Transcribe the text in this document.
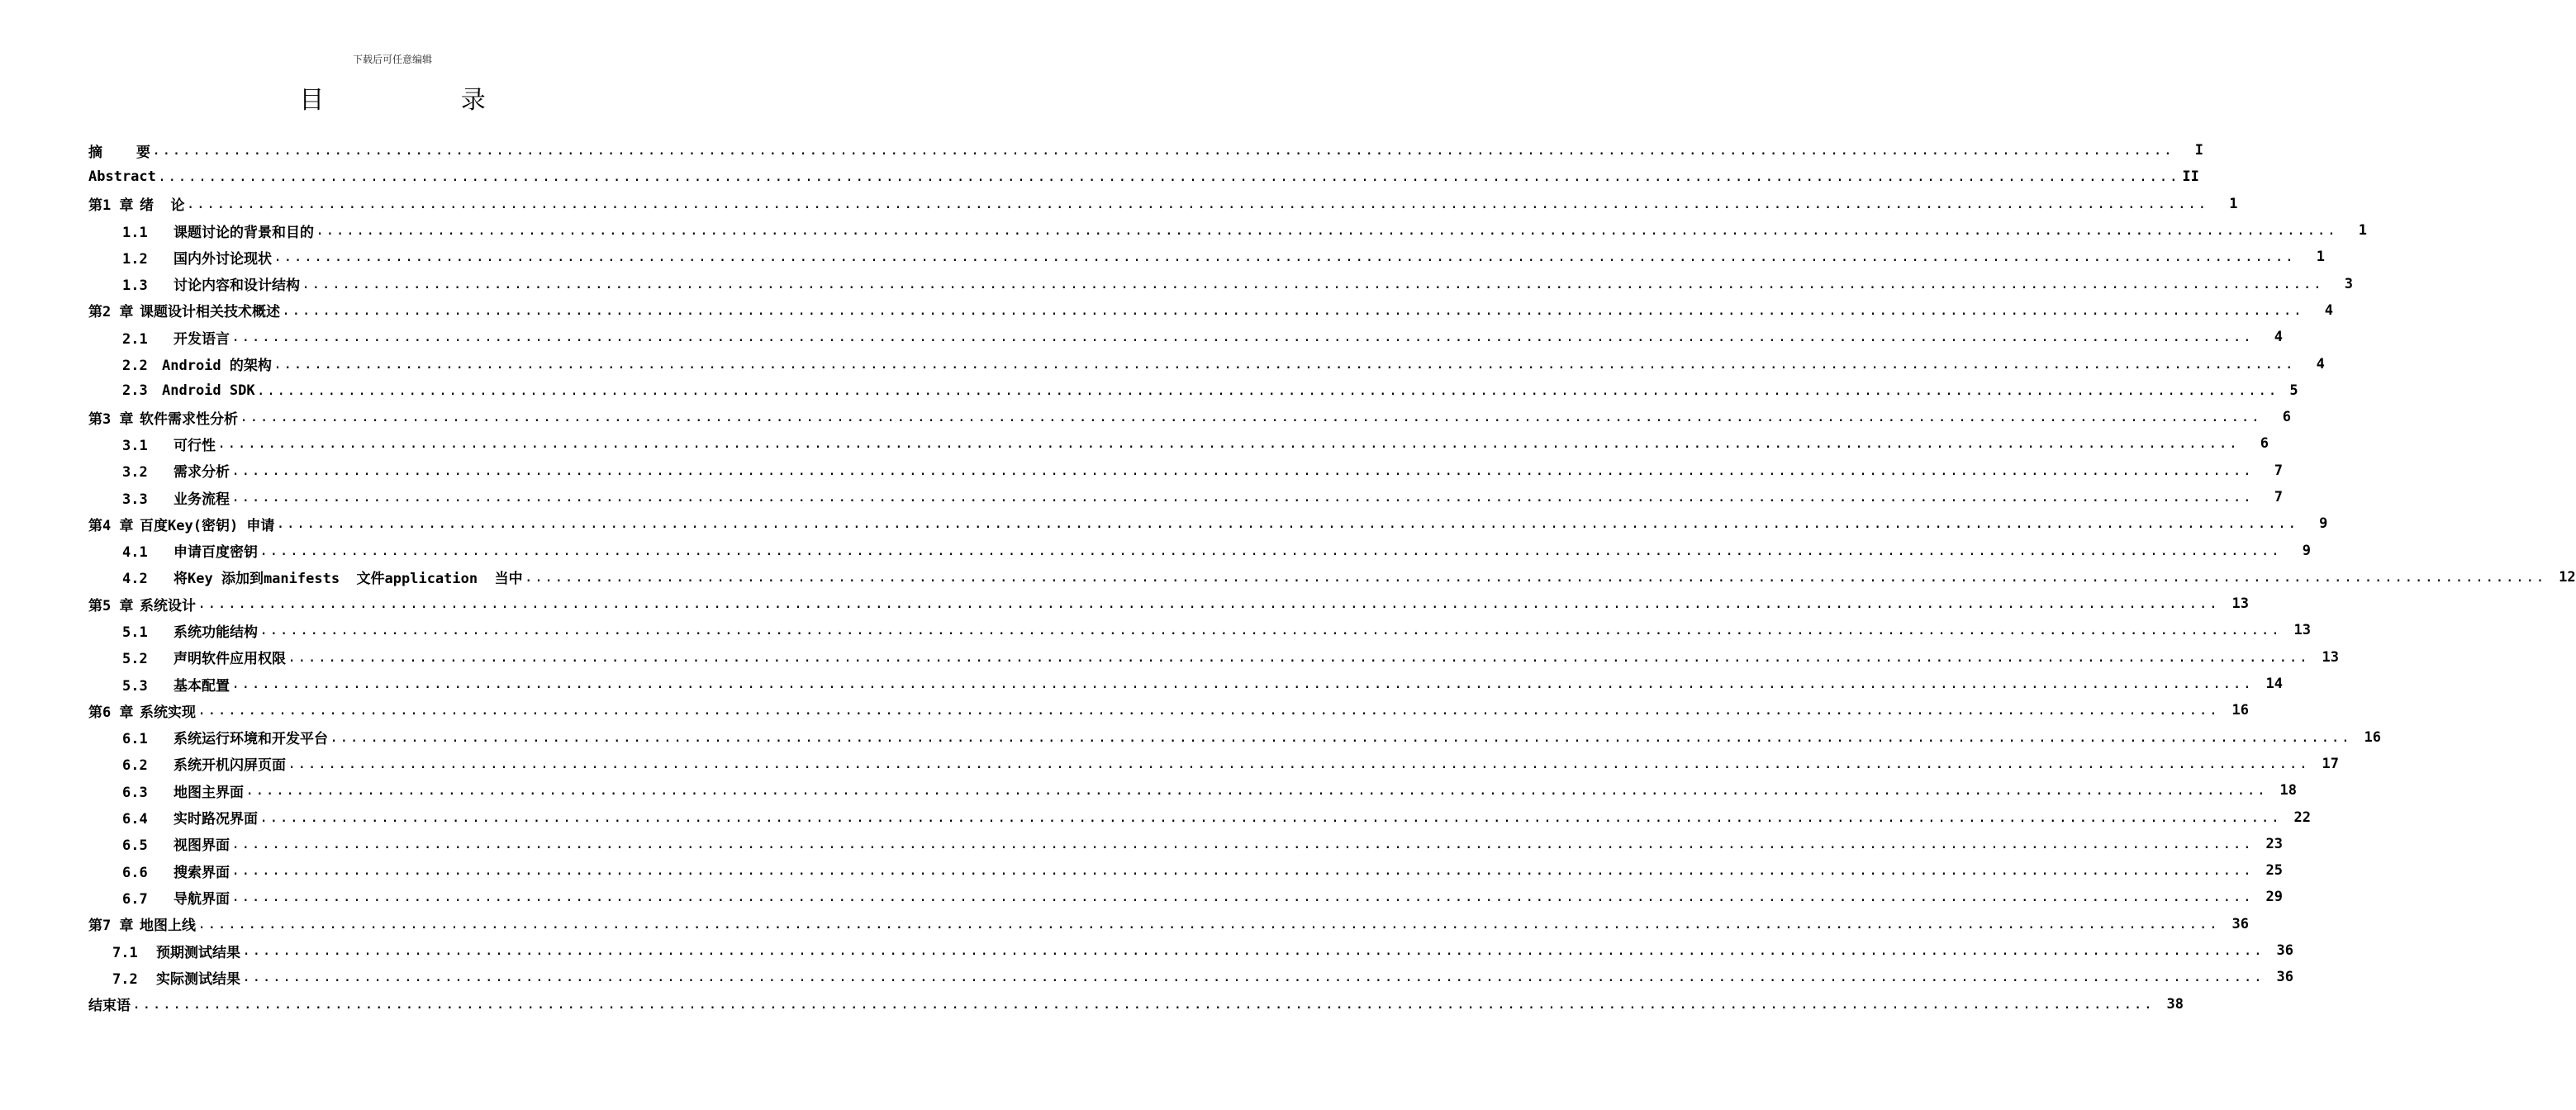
下载后可任意编辑
目 录
摘    要 ........................................................................................................................................................................................................	I
Abstract ........................................................................................................................................................................................................ II
第1 章 绪  论 ........................................................................................................................................................................................................	1
1.1 课题讨论的背景和目的 ........................................................................................................................................................................................................	1
1.2 国内外讨论现状 ........................................................................................................................................................................................................	1
1.3 讨论内容和设计结构 ........................................................................................................................................................................................................	3
第2 章 课题设计相关技术概述 ........................................................................................................................................................................................................	4
2.1 开发语言 ........................................................................................................................................................................................................	4
2.2 Android 的架构 ........................................................................................................................................................................................................	4
2.3 Android SDK ........................................................................................................................................................................................................ 5
第3 章 软件需求性分析 ........................................................................................................................................................................................................	6
3.1 可行性 ........................................................................................................................................................................................................	6
3.2 需求分析 ........................................................................................................................................................................................................	7
3.3 业务流程 ........................................................................................................................................................................................................	7
第4 章 百度Key(密钥) 申请 ........................................................................................................................................................................................................	9
4.1 申请百度密钥 ........................................................................................................................................................................................................	9
4.2 将Key 添加到manifests  文件application  当中 ........................................................................................................................................................................................................ 12
第5 章 系统设计 ........................................................................................................................................................................................................ 13
5.1 系统功能结构 ........................................................................................................................................................................................................ 13
5.2 声明软件应用权限 ........................................................................................................................................................................................................ 13
5.3 基本配置 ........................................................................................................................................................................................................ 14
第6 章 系统实现 ........................................................................................................................................................................................................ 16
6.1 系统运行环境和开发平台 ........................................................................................................................................................................................................ 16
6.2 系统开机闪屏页面 ........................................................................................................................................................................................................ 17
6.3 地图主界面 ........................................................................................................................................................................................................ 18
6.4 实时路况界面 ........................................................................................................................................................................................................ 22
6.5 视图界面 ........................................................................................................................................................................................................ 23
6.6 搜索界面 ........................................................................................................................................................................................................ 25
6.7 导航界面 ........................................................................................................................................................................................................ 29
第7 章 地图上线 ........................................................................................................................................................................................................ 36
7.1 预期测试结果 ........................................................................................................................................................................................................ 36
7.2 实际测试结果 ........................................................................................................................................................................................................ 36
结束语 ........................................................................................................................................................................................................ 38
